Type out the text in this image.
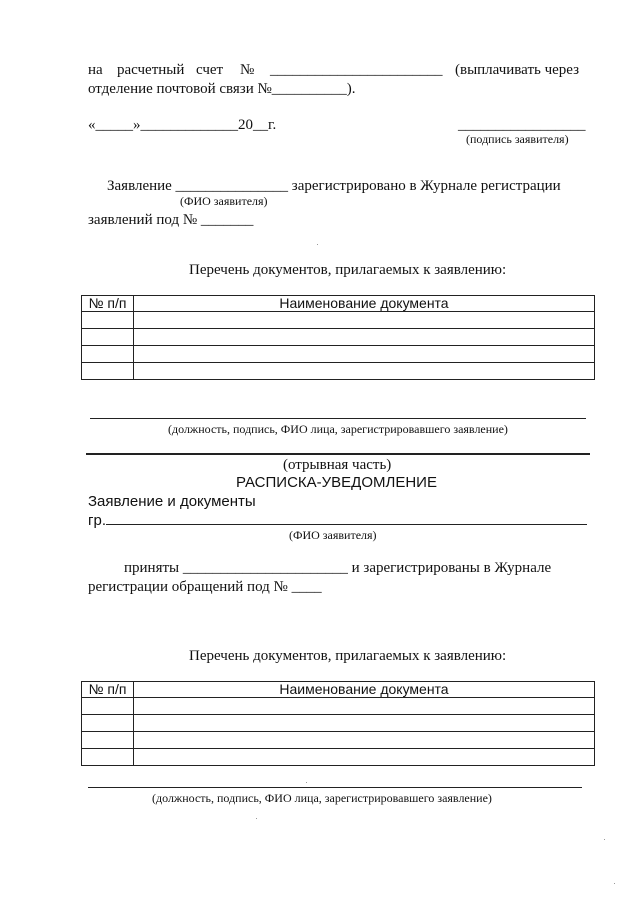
на расчетный счет № _______________________ (выплачивать через
отделение почтовой связи №__________).
«_____»_____________20__г.	_________________
(подпись заявителя)
Заявление _______________ зарегистрировано в Журнале регистрации
(ФИО заявителя)
заявлений под № _______
Перечень документов, прилагаемых к заявлению:
№ п/п	Наименование документа

(должность, подпись, ФИО лица, зарегистрировавшего заявление)
(отрывная часть)
РАСПИСКА-УВЕДОМЛЕНИЕ
Заявление и документы
гр.
(ФИО заявителя)
приняты ______________________ и зарегистрированы в Журнале
регистрации обращений под № ____
Перечень документов, прилагаемых к заявлению:
№ п/п	Наименование документа

(должность, подпись, ФИО лица, зарегистрировавшего заявление)
